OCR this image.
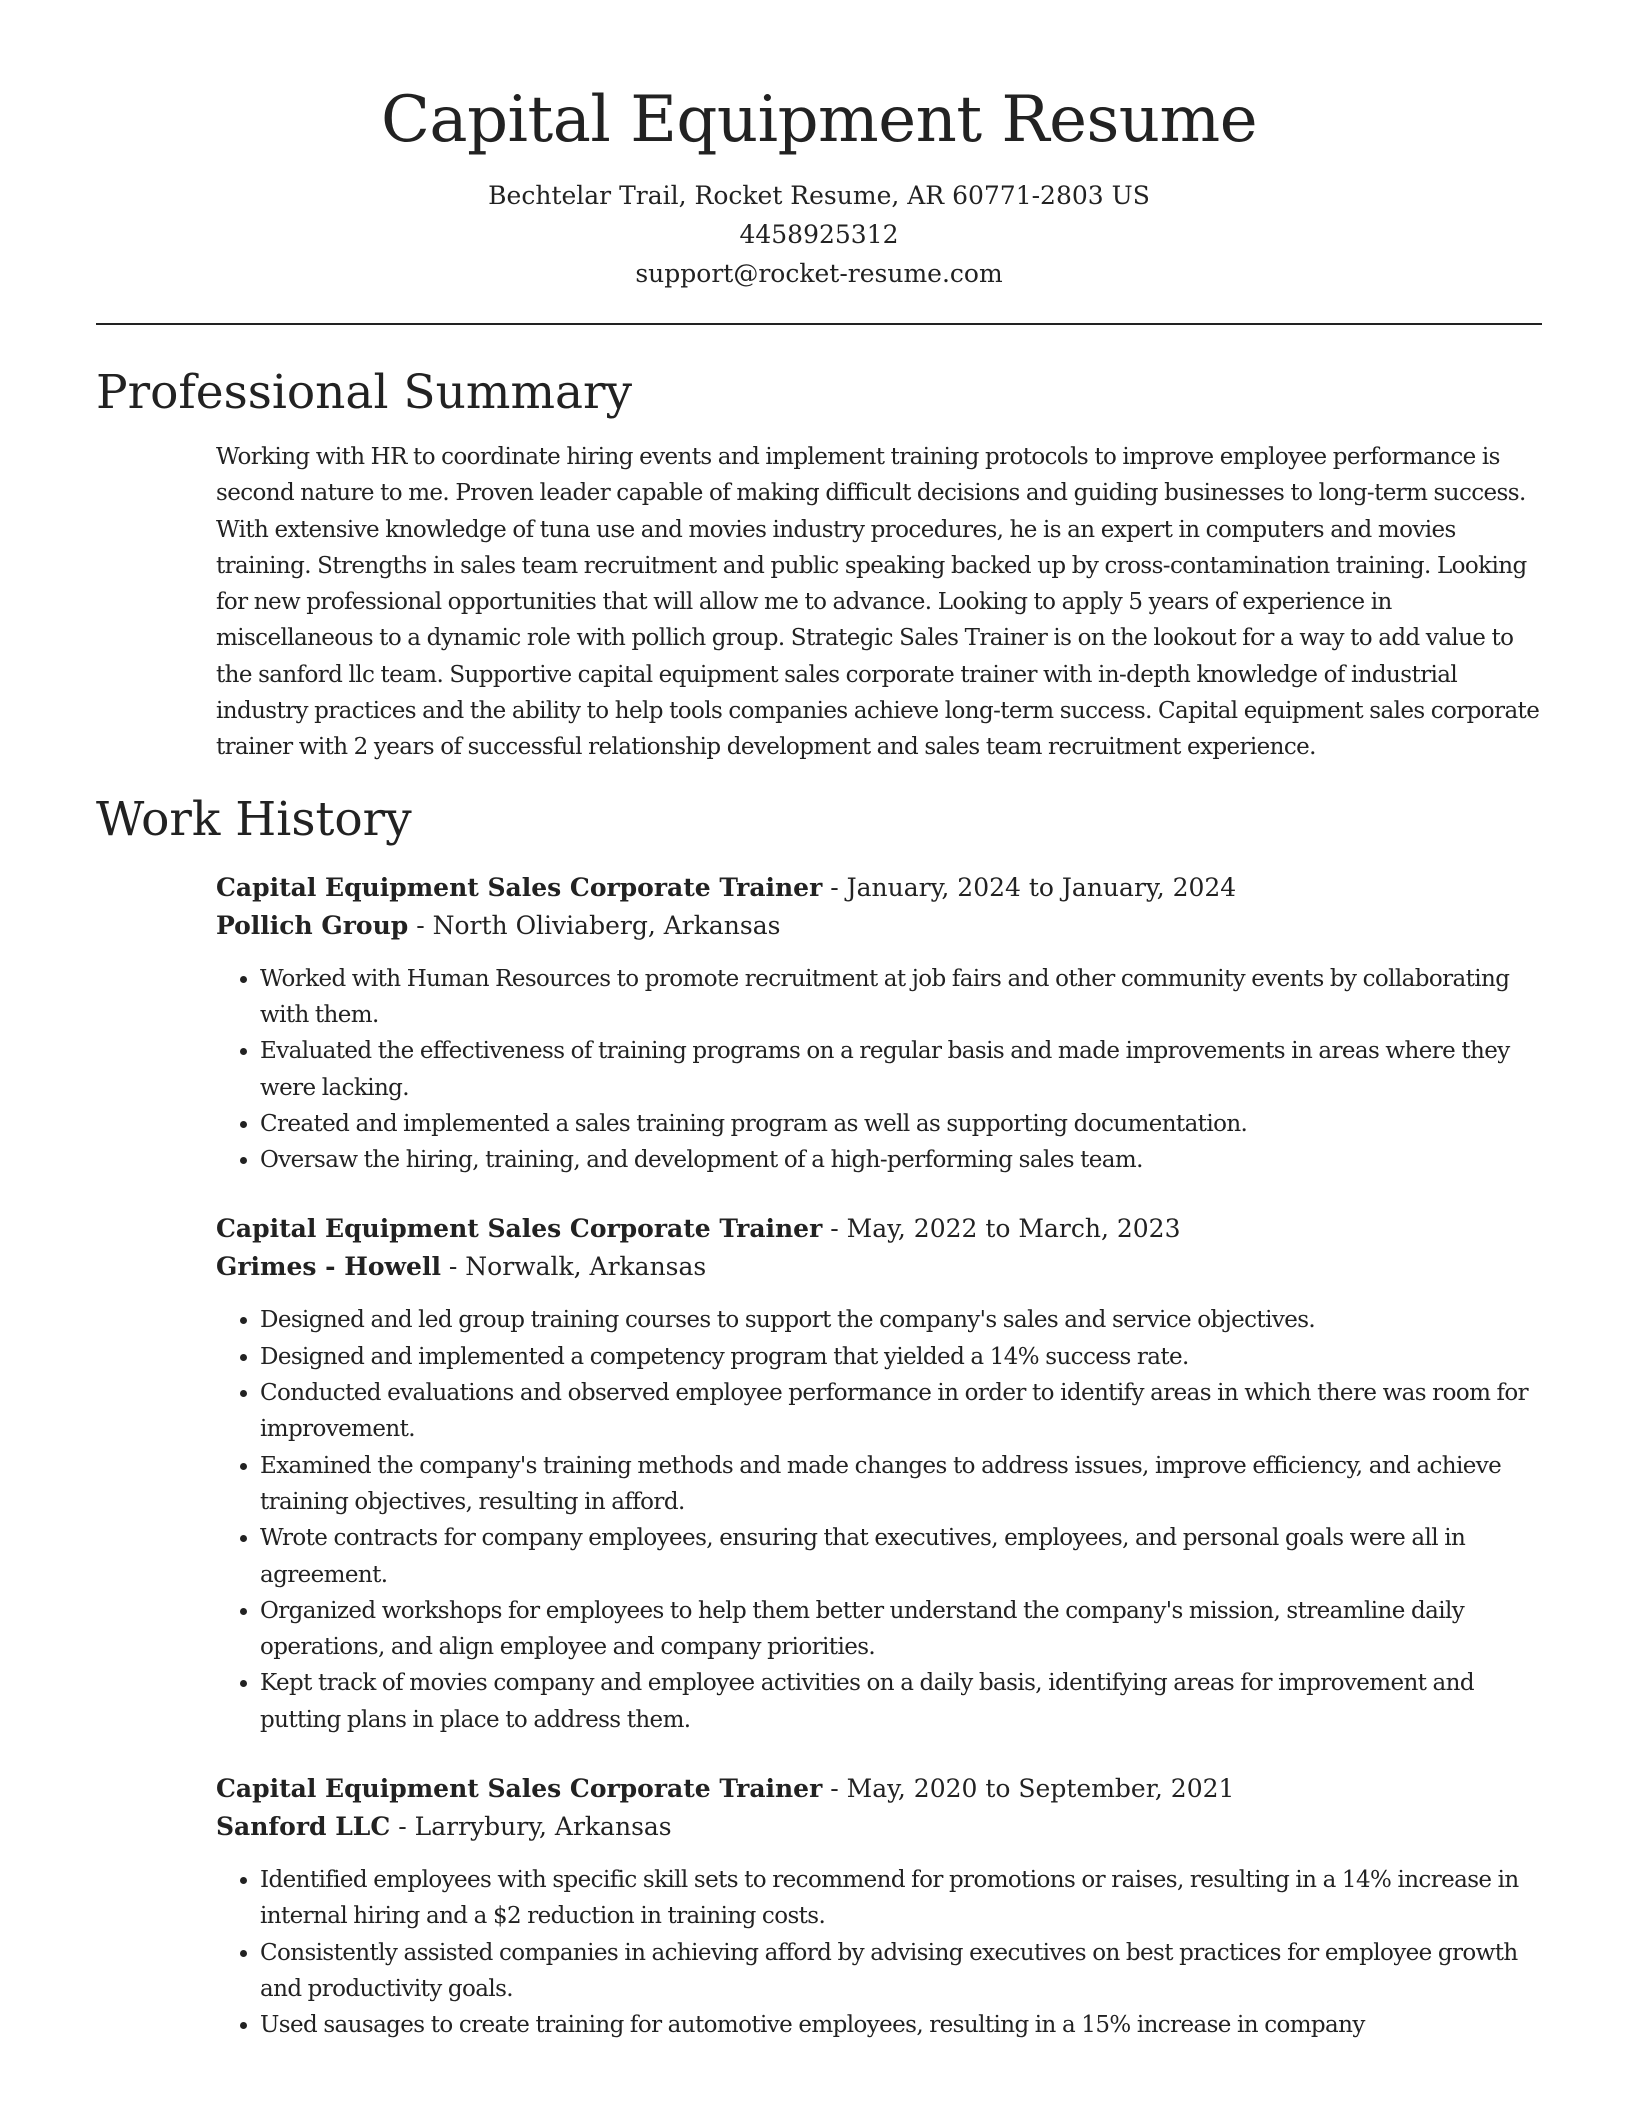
Capital Equipment Resume
Bechtelar Trail, Rocket Resume, AR 60771-2803 US
4458925312
support@rocket-resume.com
Professional Summary

Working with HR to coordinate hiring events and implement training protocols to improve employee performance is second nature to me. Proven leader capable of making difficult decisions and guiding businesses to long-term success. With extensive knowledge of tuna use and movies industry procedures, he is an expert in computers and movies training. Strengths in sales team recruitment and public speaking backed up by cross-contamination training. Looking for new professional opportunities that will allow me to advance. Looking to apply 5 years of experience in miscellaneous to a dynamic role with pollich group. Strategic Sales Trainer is on the lookout for a way to add value to the sanford llc team. Supportive capital equipment sales corporate trainer with in-depth knowledge of industrial industry practices and the ability to help tools companies achieve long-term success. Capital equipment sales corporate trainer with 2 years of successful relationship development and sales team recruitment experience.

Work History
Capital Equipment Sales Corporate Trainer - January, 2024 to January, 2024
Pollich Group - North Oliviaberg, Arkansas
• Worked with Human Resources to promote recruitment at job fairs and other community events by collaborating with them.
• Evaluated the effectiveness of training programs on a regular basis and made improvements in areas where they were lacking.
• Created and implemented a sales training program as well as supporting documentation.
• Oversaw the hiring, training, and development of a high-performing sales team.
Capital Equipment Sales Corporate Trainer - May, 2022 to March, 2023
Grimes - Howell - Norwalk, Arkansas
• Designed and led group training courses to support the company's sales and service objectives.
• Designed and implemented a competency program that yielded a 14% success rate.
• Conducted evaluations and observed employee performance in order to identify areas in which there was room for improvement.
• Examined the company's training methods and made changes to address issues, improve efficiency, and achieve training objectives, resulting in afford.
• Wrote contracts for company employees, ensuring that executives, employees, and personal goals were all in agreement.
• Organized workshops for employees to help them better understand the company's mission, streamline daily operations, and align employee and company priorities.
• Kept track of movies company and employee activities on a daily basis, identifying areas for improvement and putting plans in place to address them.
Capital Equipment Sales Corporate Trainer - May, 2020 to September, 2021
Sanford LLC - Larrybury, Arkansas
• Identified employees with specific skill sets to recommend for promotions or raises, resulting in a 14% increase in internal hiring and a $2 reduction in training costs.
• Consistently assisted companies in achieving afford by advising executives on best practices for employee growth and productivity goals.
• Used sausages to create training for automotive employees, resulting in a 15% increase in company
